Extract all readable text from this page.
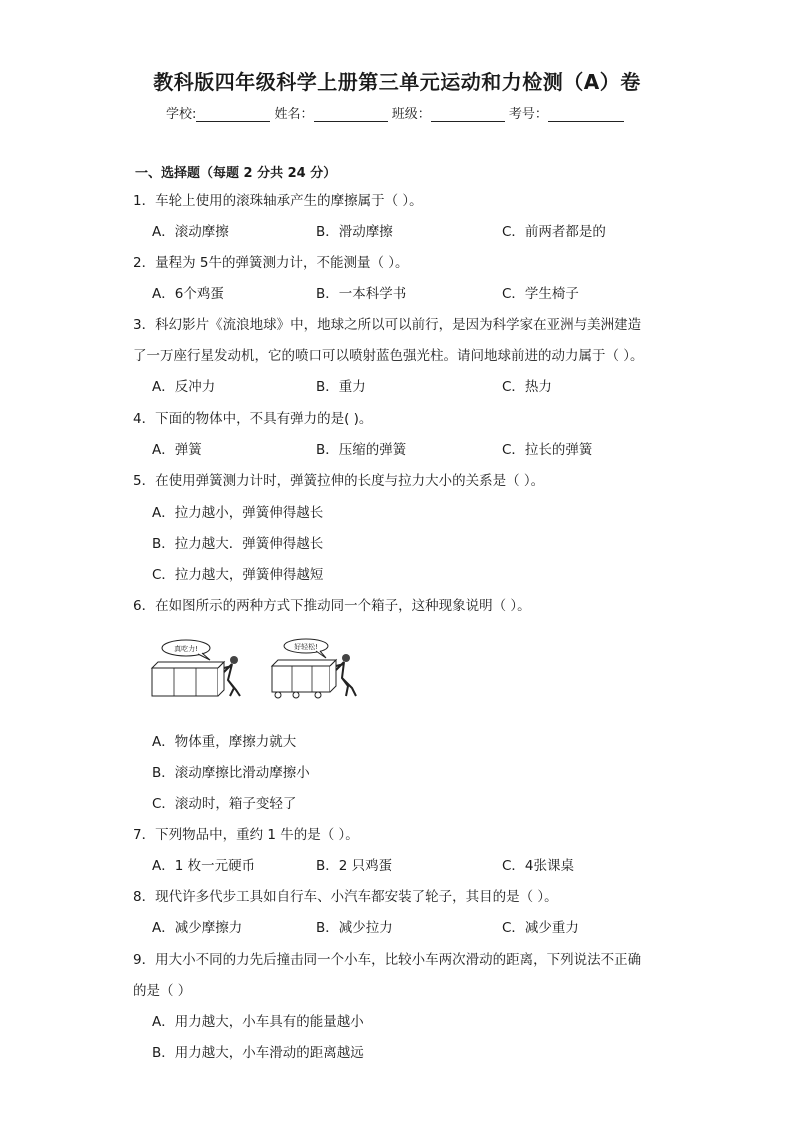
教科版四年级科学上册第三单元运动和力检测（A）卷
学校:	姓名：	班级：	考号：
一、选择题（每题 2 分共 24 分）
1．车轮上使用的滚珠轴承产生的摩擦属于（ ）。
A．滚动摩擦	B．滑动摩擦	C．前两者都是的
2．量程为 5牛的弹簧测力计，不能测量（ ）。
A．6个鸡蛋	B．一本科学书	C．学生椅子
3．科幻影片《流浪地球》中，地球之所以可以前行，是因为科学家在亚洲与美洲建造
了一万座行星发动机，它的喷口可以喷射蓝色强光柱。请问地球前进的动力属于（ ）。
A．反冲力	B．重力	C．热力
4．下面的物体中，不具有弹力的是( )。
A．弹簧	B．压缩的弹簧	C．拉长的弹簧
5．在使用弹簧测力计时，弹簧拉伸的长度与拉力大小的关系是（ ）。
A．拉力越小，弹簧伸得越长
B．拉力越大．弹簧伸得越长
C．拉力越大，弹簧伸得越短
6．在如图所示的两种方式下推动同一个箱子，这种现象说明（ ）。
真吃力!	好轻松!
A．物体重，摩擦力就大
B．滚动摩擦比滑动摩擦小
C．滚动时，箱子变轻了
7．下列物品中，重约 1 牛的是（ ）。
A．1 枚一元硬币	B．2 只鸡蛋	C．4张课桌
8．现代许多代步工具如自行车、小汽车都安装了轮子，其目的是（ ）。
A．减少摩擦力	B．减少拉力	C．减少重力
9．用大小不同的力先后撞击同一个小车，比较小车两次滑动的距离，下列说法不正确
的是（ ）
A．用力越大，小车具有的能量越小
B．用力越大，小车滑动的距离越远
